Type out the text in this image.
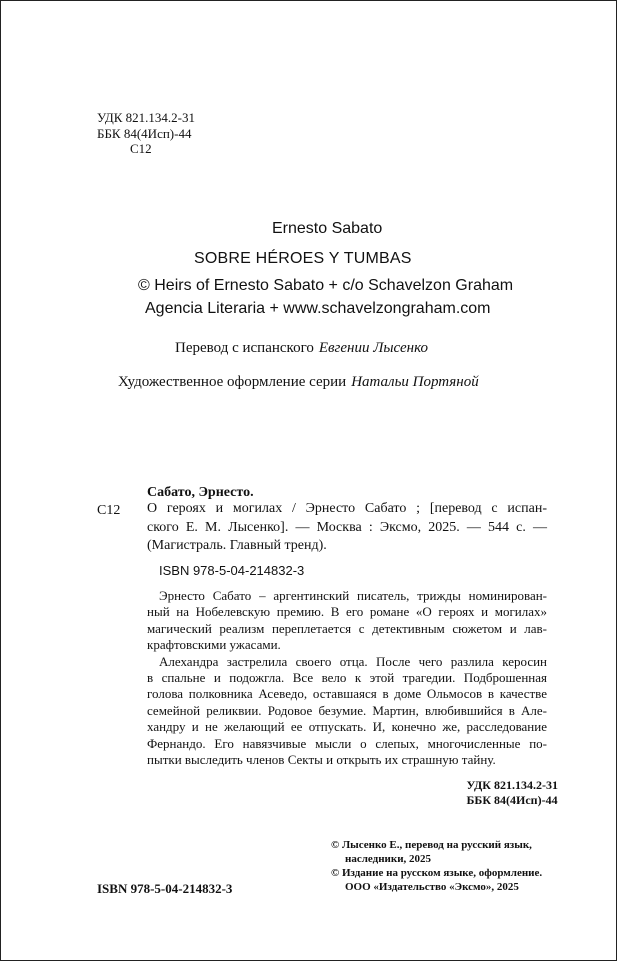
УДК 821.134.2-31
ББК 84(4Исп)-44
С12
Ernesto Sabato
SOBRE HÉROES Y TUMBAS
© Heirs of Ernesto Sabato + c/o Schavelzon Graham
Agencia Literaria + www.schavelzongraham.com
Перевод с испанского Евгении Лысенко
Художественное оформление серии Натальи Портяной
Сабато, Эрнесто.
С12 О героях и могилах / Эрнесто Сабато ; [перевод с испан-
ского Е. М. Лысенко]. — Москва : Эксмо, 2025. — 544 с. —
(Магистраль. Главный тренд).
ISBN 978-5-04-214832-3
Эрнесто Сабато – аргентинский писатель, трижды номинирован-
ный на Нобелевскую премию. В его романе «О героях и могилах»
магический реализм переплетается с детективным сюжетом и лав-
крафтовскими ужасами.
Алехандра застрелила своего отца. После чего разлила керосин
в спальне и подожгла. Все вело к этой трагедии. Подброшенная
голова полковника Асеведо, оставшаяся в доме Ольмосов в качестве
семейной реликвии. Родовое безумие. Мартин, влюбившийся в Але-
хандру и не желающий ее отпускать. И, конечно же, расследование
Фернандо. Его навязчивые мысли о слепых, многочисленные по-
пытки выследить членов Секты и открыть их страшную тайну.
УДК 821.134.2-31
ББК 84(4Исп)-44
© Лысенко Е., перевод на русский язык,
наследники, 2025
© Издание на русском языке, оформление.
ООО «Издательство «Эксмо», 2025
ISBN 978-5-04-214832-3
